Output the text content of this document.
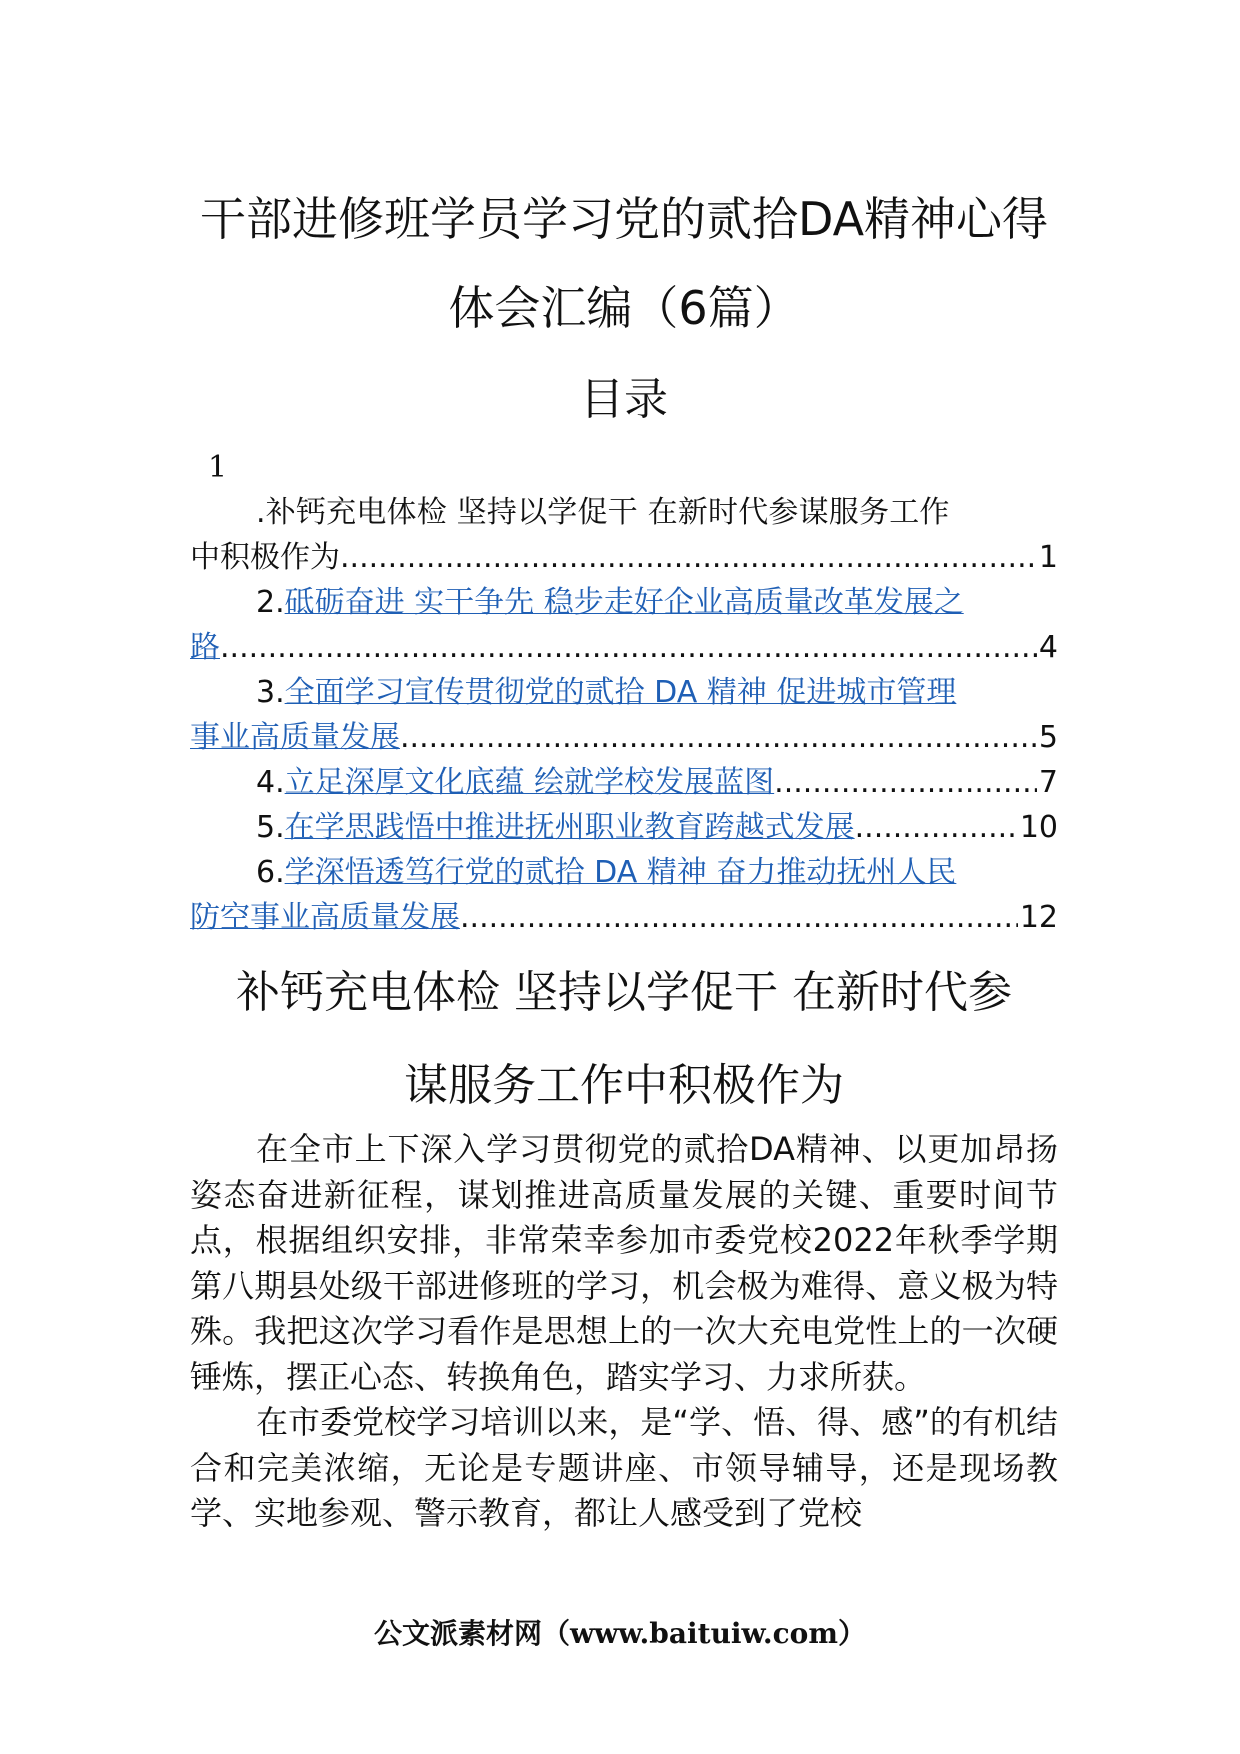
干部进修班学员学习党的贰拾DA精神心得
体会汇编（6篇）
目录
1
.补钙充电体检 坚持以学促干 在新时代参谋服务工作
中积极作为 .....	1
2.砥砺奋进 实干争先 稳步走好企业高质量改革发展之
路 .....	4
3.全面学习宣传贯彻党的贰拾 DA 精神 促进城市管理
事业高质量发展 .....	5
4. 立足深厚文化底蕴 绘就学校发展蓝图 .....	7
5. 在学思践悟中推进抚州职业教育跨越式发展 .....	10
6.学深悟透笃行党的贰拾 DA 精神 奋力推动抚州人民
防空事业高质量发展 .....	12
补钙充电体检 坚持以学促干 在新时代参
谋服务工作中积极作为

在全市上下深入学习贯彻党的贰拾DA精神、以更加昂扬姿态奋进新征程，谋划推进高质量发展的关键、重要时间节点，根据组织安排，非常荣幸参加市委党校2022年秋季学期第八期县处级干部进修班的学习，机会极为难得、意义极为特殊。我把这次学习看作是思想上的一次大充电党性上的一次硬锤炼，摆正心态、转换角色，踏实学习、力求所获。

在市委党校学习培训以来，是“学、悟、得、感”的有机结合和完美浓缩，无论是专题讲座、市领导辅导，还是现场教学、实地参观、警示教育，都让人感受到了党校

公文派素材网（www.baituiw.com）
